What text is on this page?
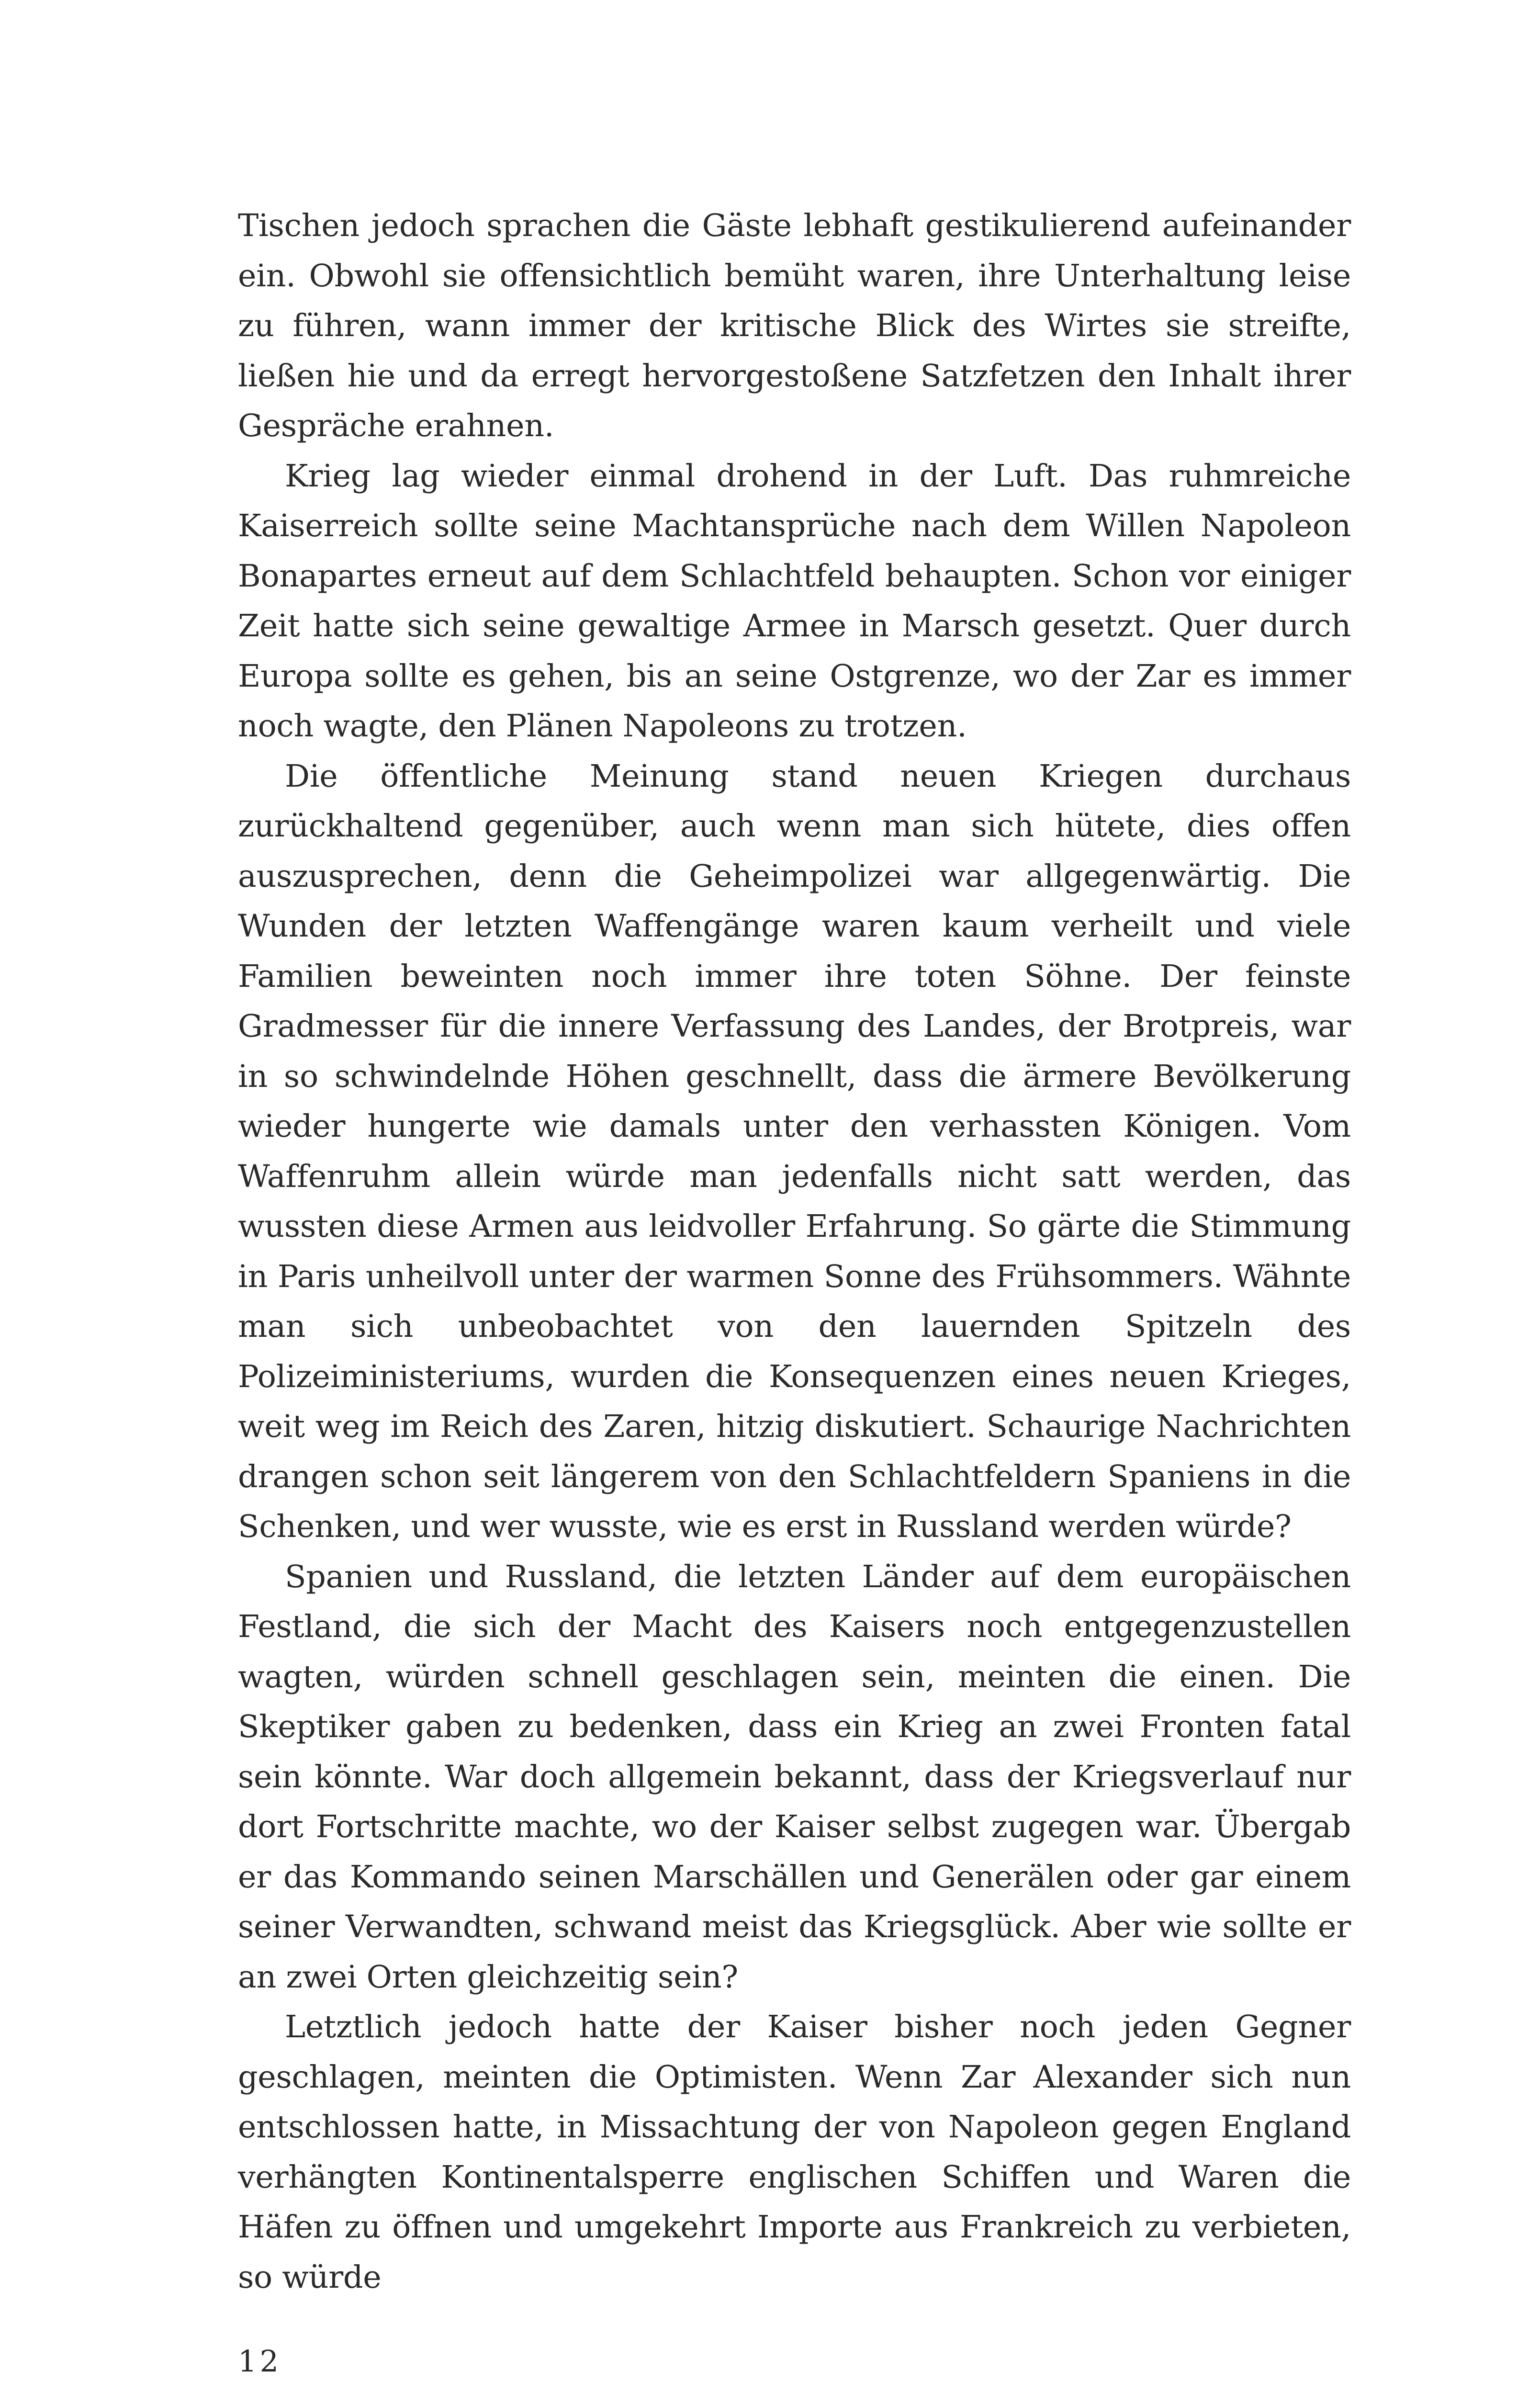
Tischen jedoch sprachen die Gäste lebhaft gestikulierend aufeinander ein. Obwohl sie offensichtlich bemüht waren, ihre Unterhaltung leise zu führen, wann immer der kritische Blick des Wirtes sie streifte, ließen hie und da erregt hervorgestoßene Satzfetzen den Inhalt ihrer Gespräche erahnen.

Krieg lag wieder einmal drohend in der Luft. Das ruhmreiche Kaiserreich sollte seine Machtansprüche nach dem Willen Napoleon Bonapartes erneut auf dem Schlachtfeld behaupten. Schon vor einiger Zeit hatte sich seine gewaltige Armee in Marsch gesetzt. Quer durch Europa sollte es gehen, bis an seine Ostgrenze, wo der Zar es immer noch wagte, den Plänen Napoleons zu trotzen.

Die öffentliche Meinung stand neuen Kriegen durchaus zurückhaltend gegenüber, auch wenn man sich hütete, dies offen auszusprechen, denn die Geheimpolizei war allgegenwärtig. Die Wunden der letzten Waffengänge waren kaum verheilt und viele Familien beweinten noch immer ihre toten Söhne. Der feinste Gradmesser für die innere Verfassung des Landes, der Brotpreis, war in so schwindelnde Höhen geschnellt, dass die ärmere Bevölkerung wieder hungerte wie damals unter den verhassten Königen. Vom Waffenruhm allein würde man jedenfalls nicht satt werden, das wussten diese Armen aus leidvoller Erfahrung. So gärte die Stimmung in Paris unheilvoll unter der warmen Sonne des Frühsommers. Wähnte man sich unbeobachtet von den lauernden Spitzeln des Polizeiministeriums, wurden die Konsequenzen eines neuen Krieges, weit weg im Reich des Zaren, hitzig diskutiert. Schaurige Nachrichten drangen schon seit längerem von den Schlachtfeldern Spaniens in die Schenken, und wer wusste, wie es erst in Russland werden würde?

Spanien und Russland, die letzten Länder auf dem europäischen Festland, die sich der Macht des Kaisers noch entgegenzustellen wagten, würden schnell geschlagen sein, meinten die einen. Die Skeptiker gaben zu bedenken, dass ein Krieg an zwei Fronten fatal sein könnte. War doch allgemein bekannt, dass der Kriegsverlauf nur dort Fortschritte machte, wo der Kaiser selbst zugegen war. Übergab er das Kommando seinen Marschällen und Generälen oder gar einem seiner Verwandten, schwand meist das Kriegsglück. Aber wie sollte er an zwei Orten gleichzeitig sein?

Letztlich jedoch hatte der Kaiser bisher noch jeden Gegner geschlagen, meinten die Optimisten. Wenn Zar Alexander sich nun entschlossen hatte, in Missachtung der von Napoleon gegen England verhängten Kontinentalsperre englischen Schiffen und Waren die Häfen zu öffnen und umgekehrt Importe aus Frankreich zu verbieten, so würde

12
